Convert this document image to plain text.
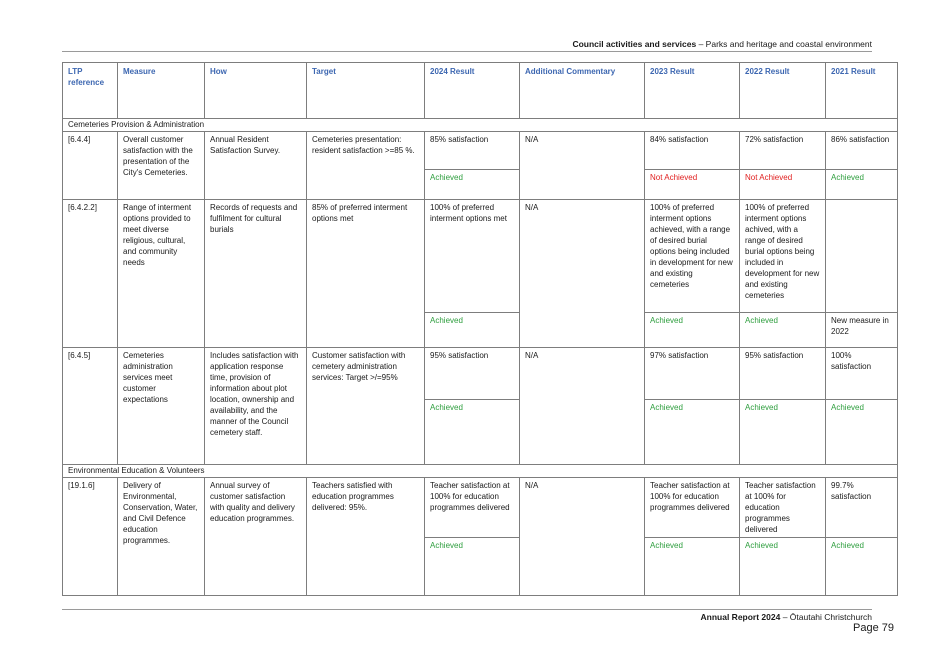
Council activities and services – Parks and heritage and coastal environment
LTP reference	Measure	How	Target	2024 Result	Additional Commentary	2023 Result	2022 Result	2021 Result
Cemeteries Provision & Administration								
[6.4.4]	Overall customer satisfaction with the presentation of the City's Cemeteries.	Annual Resident Satisfaction Survey.	Cemeteries presentation: resident satisfaction >=85 %.	85% satisfaction	N/A	84% satisfaction	72% satisfaction	86% satisfaction
				Achieved		Not Achieved	Not Achieved	Achieved
[6.4.2.2]	Range of interment options provided to meet diverse religious, cultural, and community needs	Records of requests and fulfilment for cultural burials	85% of preferred interment options met	100% of preferred interment options met	N/A	100% of preferred interment options achieved, with a range of desired burial options being included in development for new and existing cemeteries	100% of preferred interment options achived, with a range of desired burial options being included in development for new and existing cemeteries	
				Achieved		Achieved	Achieved	New measure in 2022
[6.4.5]	Cemeteries administration services meet customer expectations	Includes satisfaction with application response time, provision of information about plot location, ownership and availability, and the manner of the Council cemetery staff.	Customer satisfaction with cemetery administration services: Target >/=95%	95% satisfaction	N/A	97% satisfaction	95% satisfaction	100% satisfaction
				Achieved		Achieved	Achieved	Achieved
Environmental Education & Volunteers								
[19.1.6]	Delivery of Environmental, Conservation, Water, and Civil Defence education programmes.	Annual survey of customer satisfaction with quality and delivery education programmes.	Teachers satisfied with education programmes delivered: 95%.	Teacher satisfaction at 100% for education programmes delivered	N/A	Teacher satisfaction at 100% for education programmes delivered	Teacher satisfaction at 100% for education programmes delivered	99.7% satisfaction
				Achieved		Achieved	Achieved	Achieved
Annual Report 2024 – Ōtautahi Christchurch
Page 79
